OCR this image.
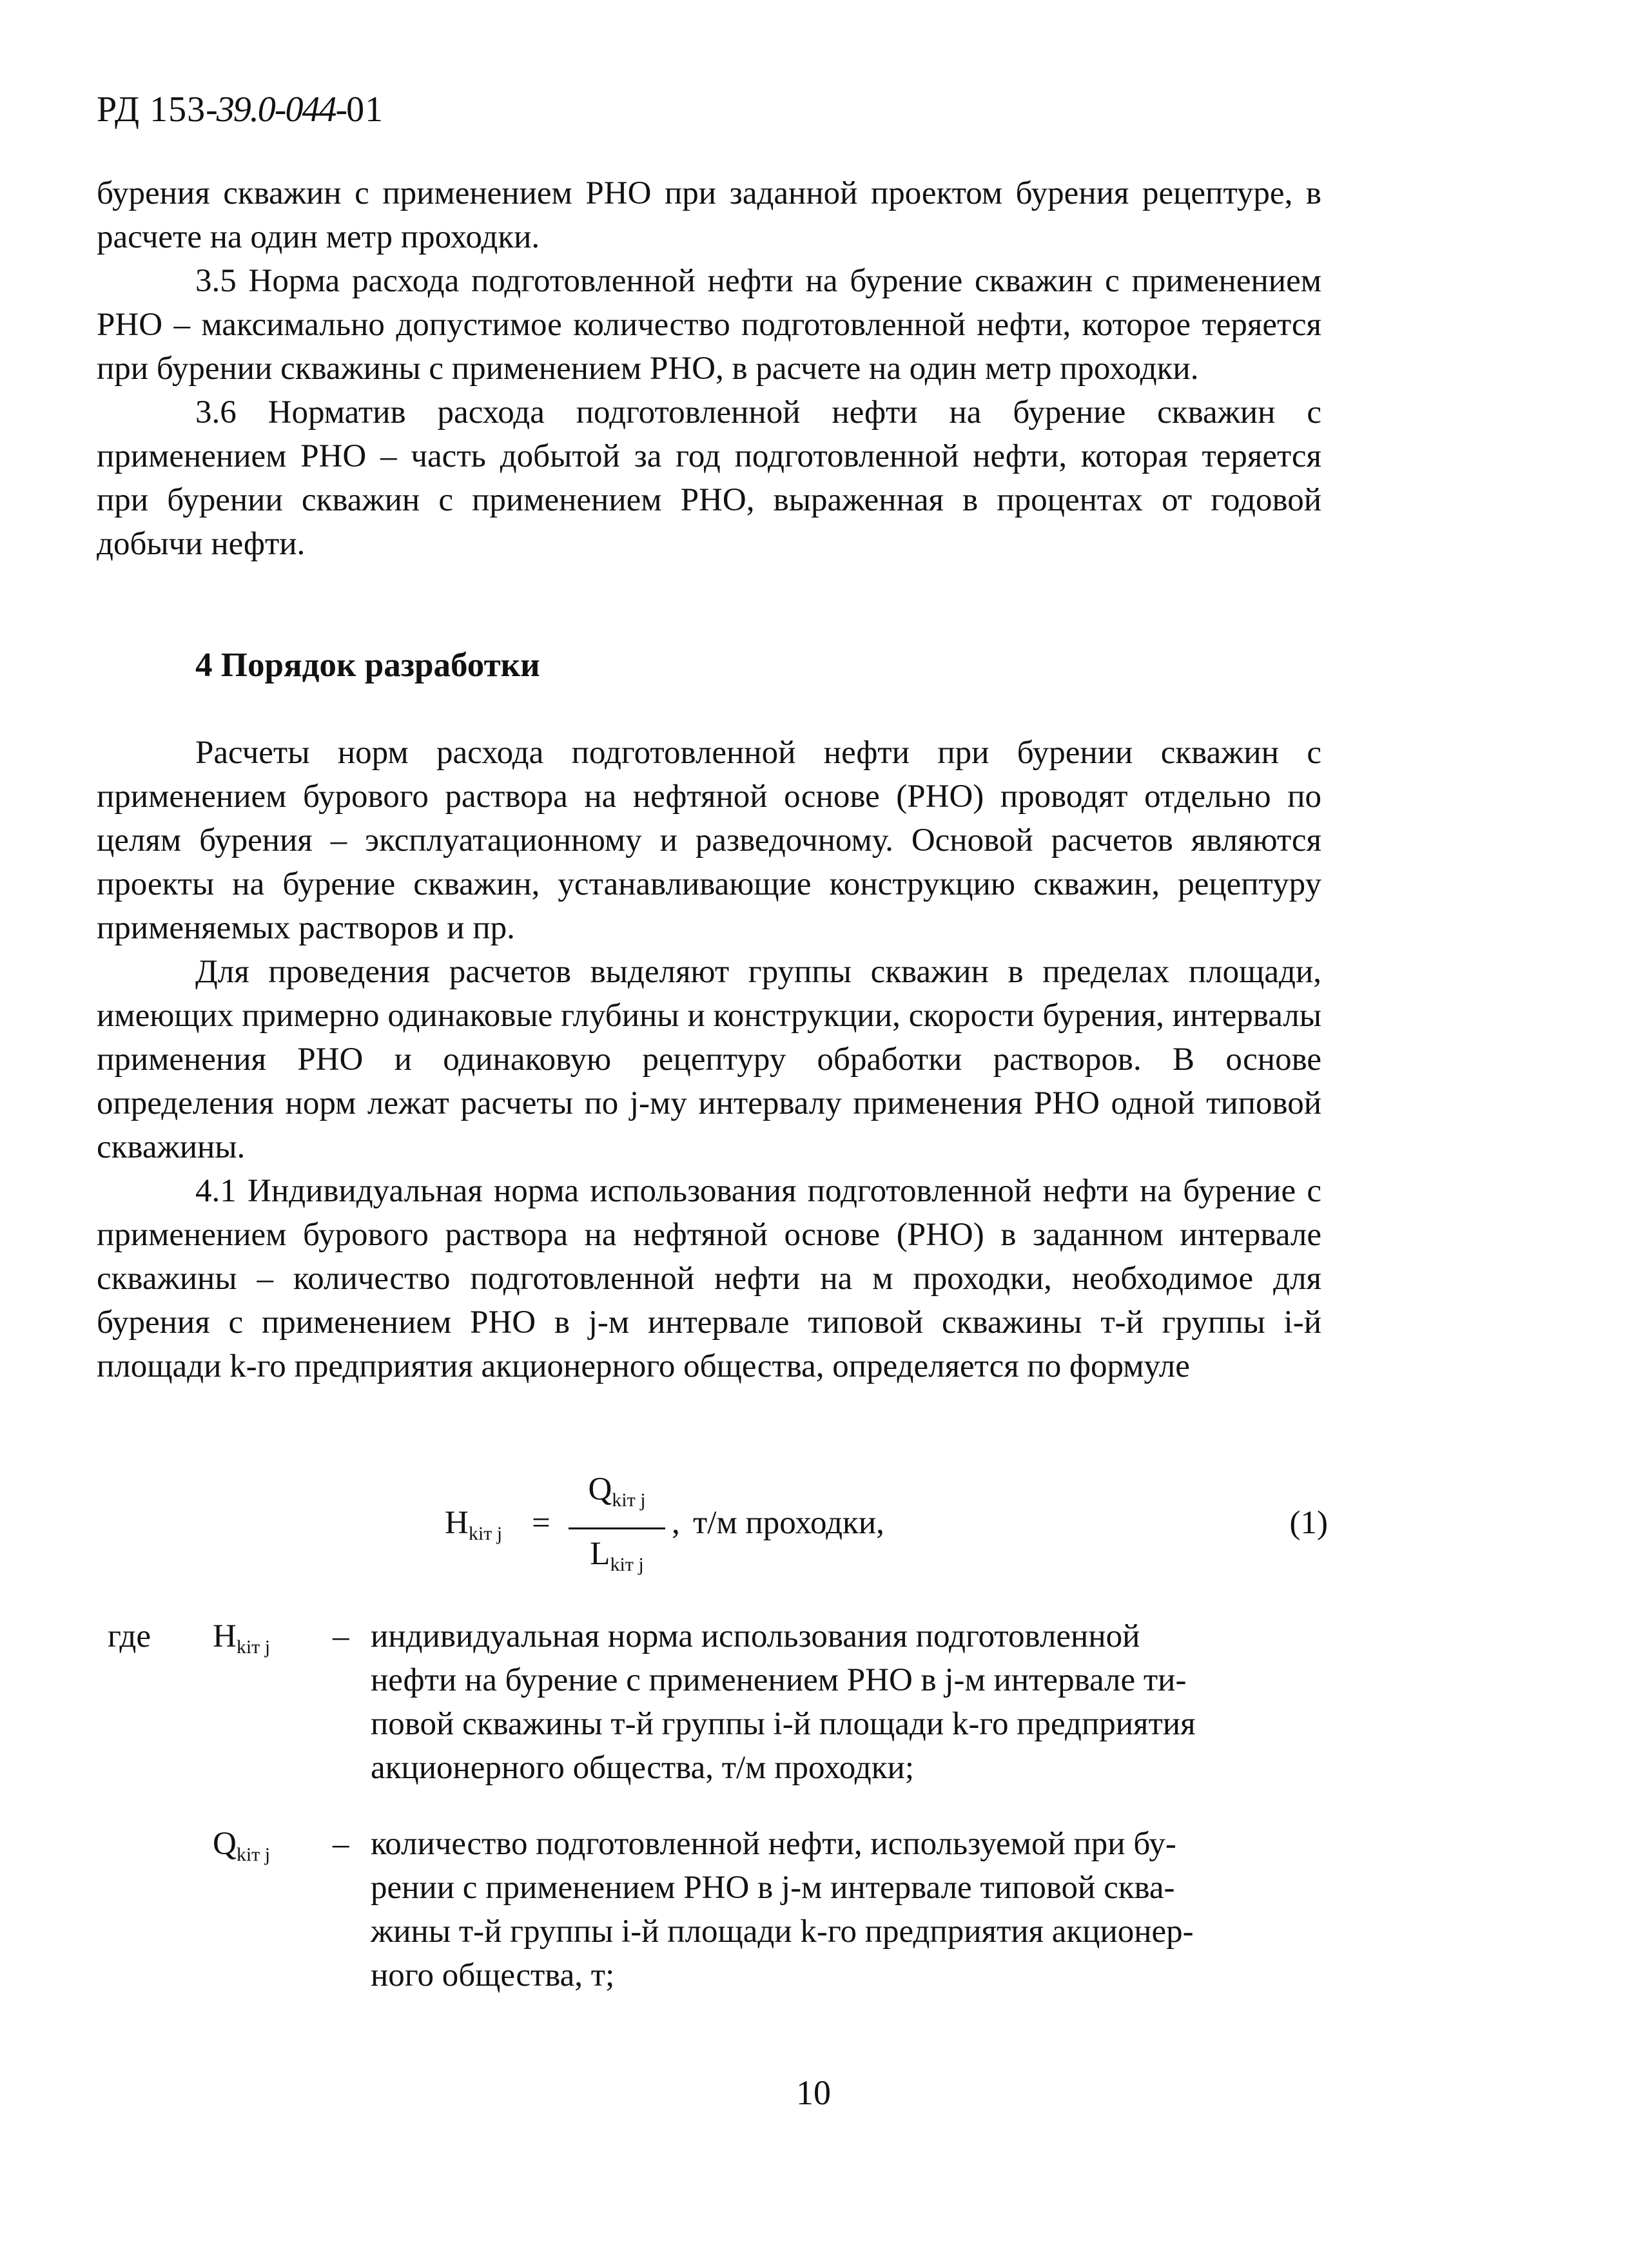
РД 153-39.0-044-01

бурения скважин с применением РНО при заданной проектом бурения рецептуре, в расчете на один метр проходки.

3.5 Норма расхода подготовленной нефти на бурение скважин с применением РНО – максимально допустимое количество подготовленной нефти, которое теряется при бурении скважины с применением РНО, в расчете на один метр проходки.

3.6 Норматив расхода подготовленной нефти на бурение скважин с применением РНО – часть добытой за год подготовленной нефти, которая теряется при бурении скважин с применением РНО, выраженная в процентах от годовой добычи нефти.

4 Порядок разработки

Расчеты норм расхода подготовленной нефти при бурении скважин с применением бурового раствора на нефтяной основе (РНО) проводят отдельно по целям бурения – эксплуатационному и разведочному. Основой расчетов являются проекты на бурение скважин, устанавливающие конструкцию скважин, рецептуру применяемых растворов и пр.

Для проведения расчетов выделяют группы скважин в пределах площади, имеющих примерно одинаковые глубины и конструкции, скорости бурения, интервалы применения РНО и одинаковую рецептуру обработки растворов. В основе определения норм лежат расчеты по j-му интервалу применения РНО одной типовой скважины.

4.1 Индивидуальная норма использования подготовленной нефти на бурение с применением бурового раствора на нефтяной основе (РНО) в заданном интервале скважины – количество подготовленной нефти на м проходки, необходимое для бурения с применением РНО в j-м интервале типовой скважины т-й группы i-й площади k-го предприятия акционерного общества, определяется по формуле

$H_{kiт j}$ =
$Q_{kiт j}$
$L_{kiт j}$
, т/м проходки,	(1)
где $H_{kiт j}$ – индивидуальная норма использования подготовленной

нефти на бурение с применением РНО в j-м интервале ти-

повой скважины т-й группы i-й площади k-го предприятия

акционерного общества, т/м проходки;

$Q_{kiт j}$ – количество подготовленной нефти, используемой при бу-

рении с применением РНО в j-м интервале типовой сква-

жины т-й группы i-й площади k-го предприятия акционер-

ного общества, т;

10
